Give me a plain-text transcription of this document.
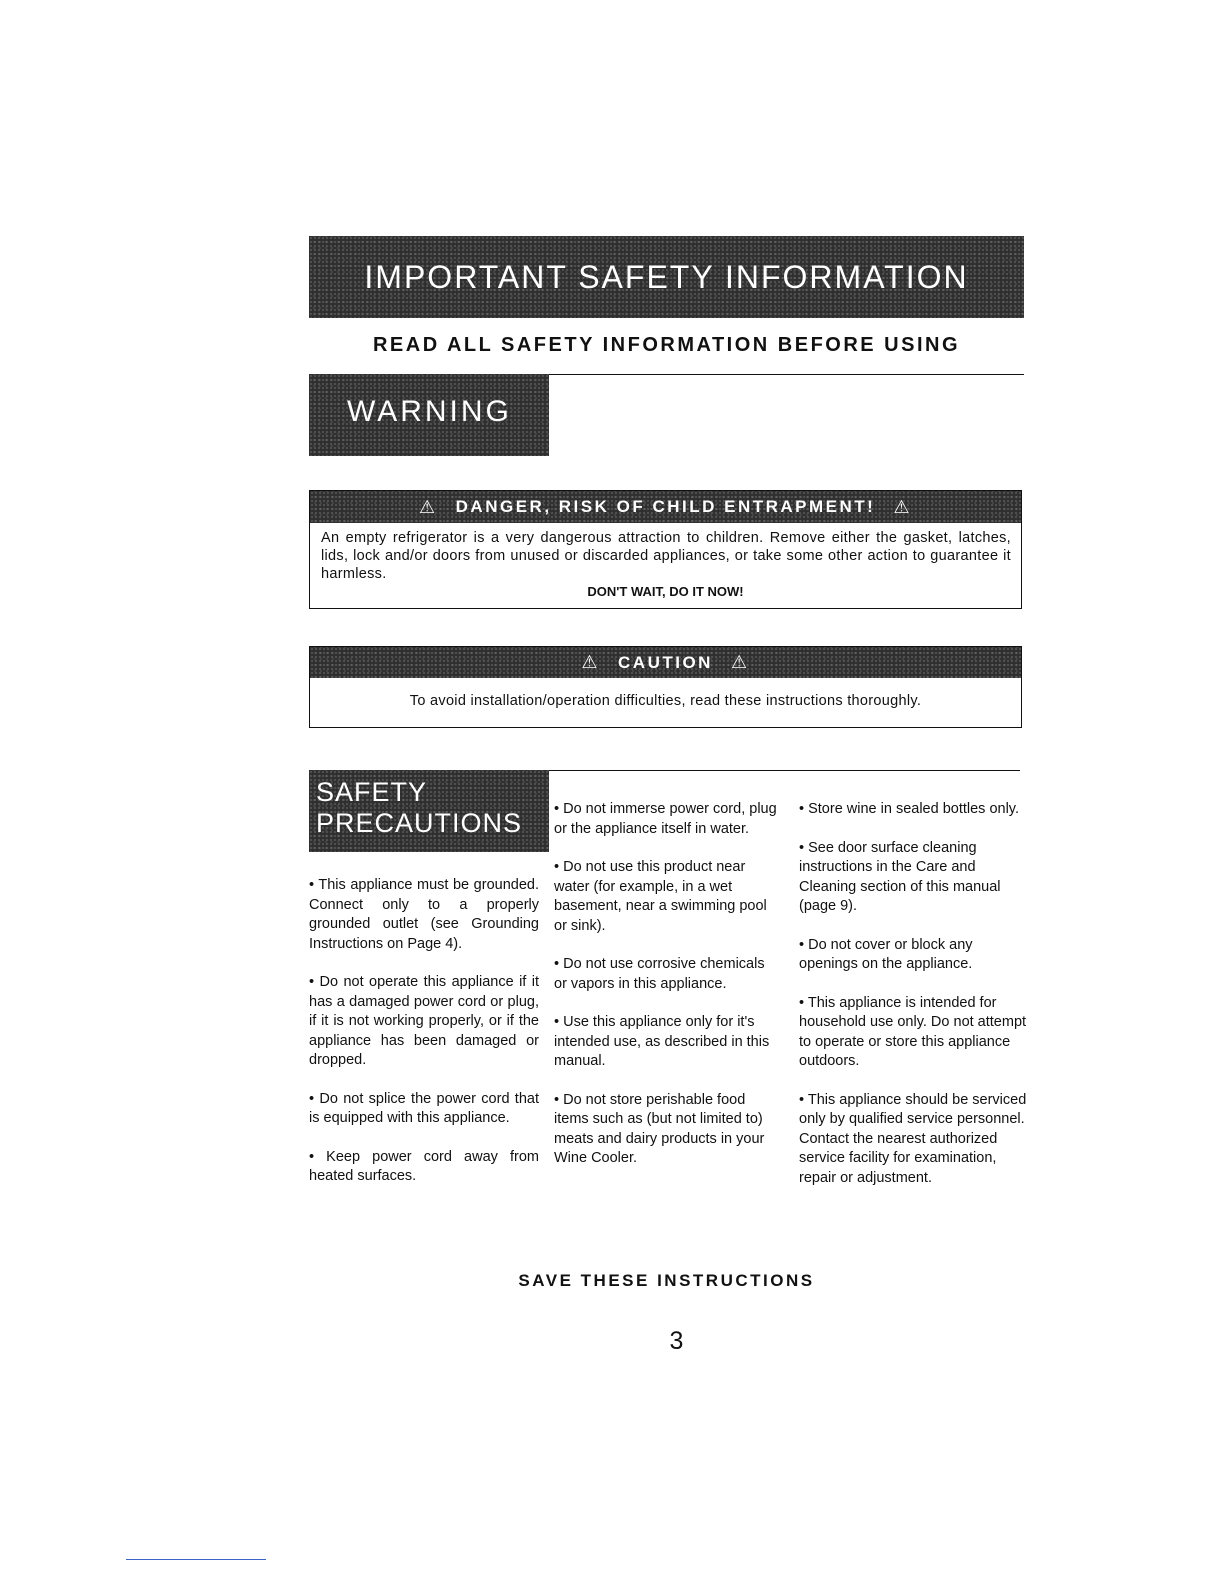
IMPORTANT SAFETY INFORMATION
READ ALL SAFETY INFORMATION BEFORE USING
WARNING
⚠ DANGER, RISK OF CHILD ENTRAPMENT! ⚠
An empty refrigerator is a very dangerous attraction to children. Remove either the gasket, latches, lids, lock and/or doors from unused or discarded appliances, or take some other action to guarantee it harmless.
DON'T WAIT, DO IT NOW!
⚠ CAUTION ⚠
To avoid installation/operation difficulties, read these instructions thoroughly.
SAFETY
PRECAUTIONS

• This appliance must be grounded. Connect only to a properly grounded outlet (see Grounding Instructions on Page 4).

• Do not operate this appliance if it has a damaged power cord or plug, if it is not working properly, or if the appliance has been damaged or dropped.

• Do not splice the power cord that is equipped with this appliance.

• Keep power cord away from heated surfaces.

• Do not immerse power cord, plug or the appliance itself in water.

• Do not use this product near water (for example, in a wet basement, near a swimming pool or sink).

• Do not use corrosive chemicals or vapors in this appliance.

• Use this appliance only for it's intended use, as described in this manual.

• Do not store perishable food items such as (but not limited to) meats and dairy products in your Wine Cooler.

• Store wine in sealed bottles only.

• See door surface cleaning instructions in the Care and Cleaning section of this manual (page 9).

• Do not cover or block any openings on the appliance.

• This appliance is intended for household use only. Do not attempt to operate or store this appliance outdoors.

• This appliance should be serviced only by qualified service personnel. Contact the nearest authorized service facility for examination, repair or adjustment.

SAVE THESE INSTRUCTIONS
3
